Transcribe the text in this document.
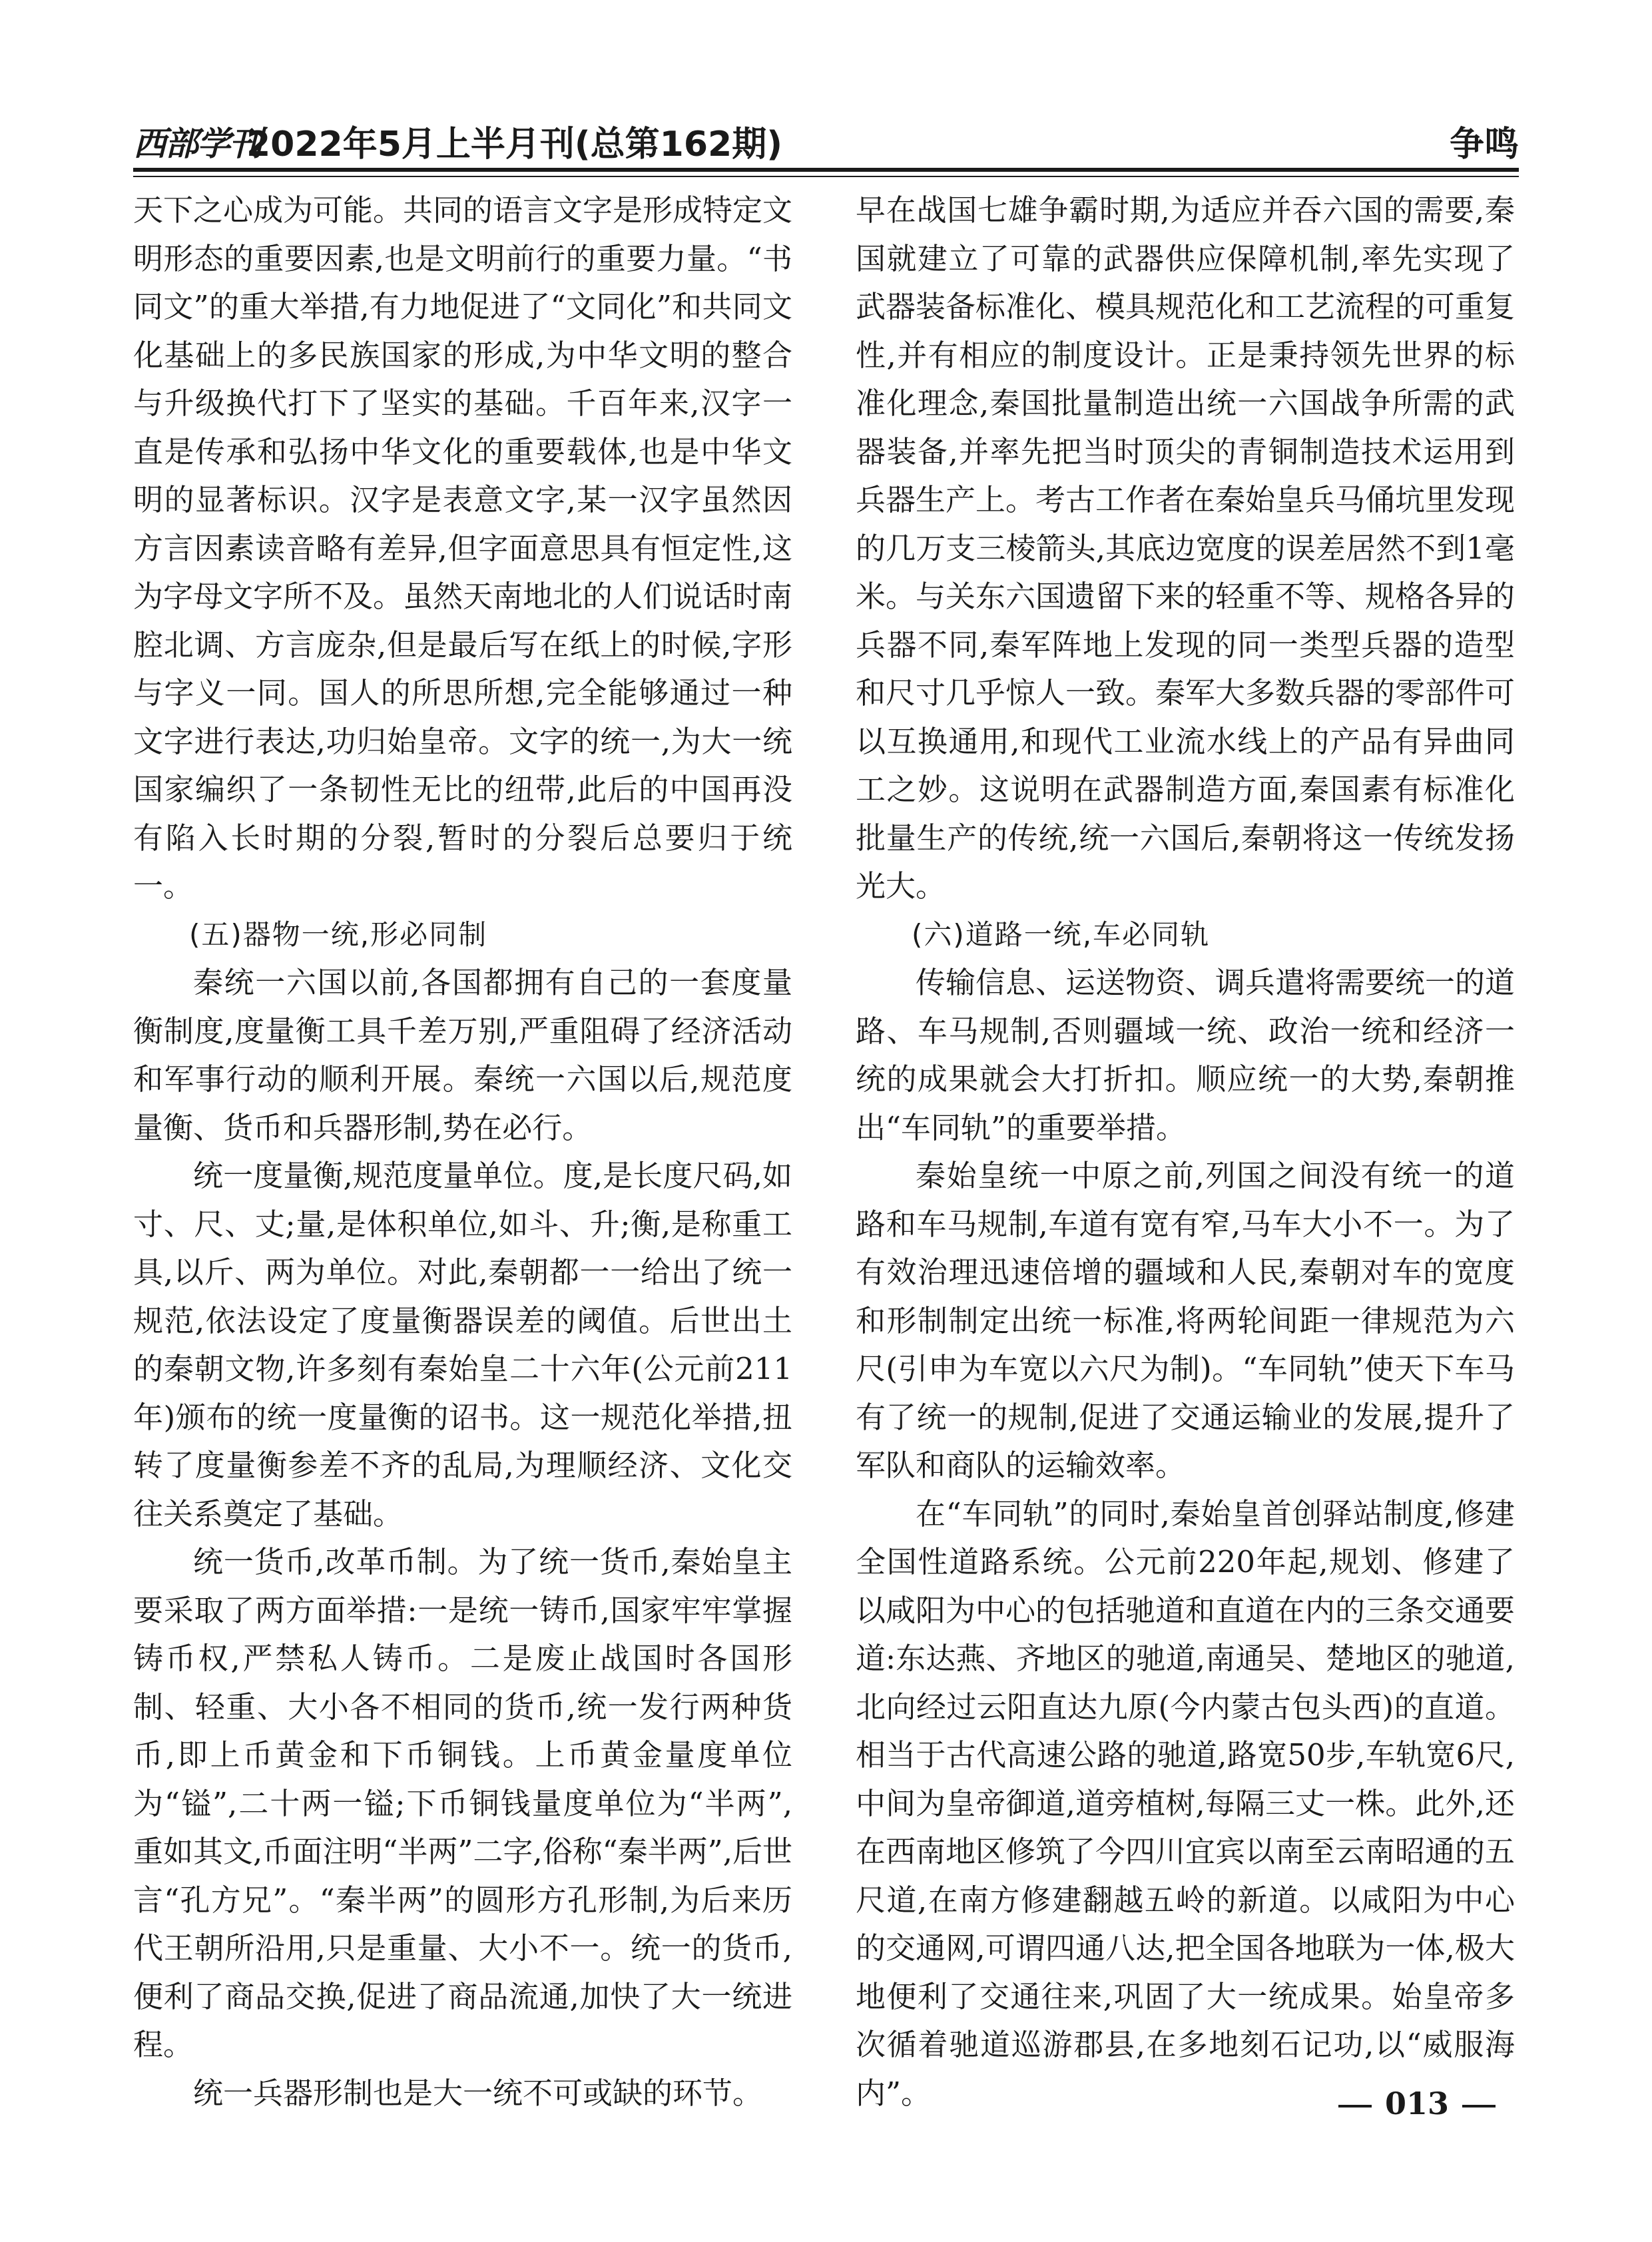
西部学刊
2022年5月上半月刊(总第162期)	争鸣

天下之心成为可能。共同的语言文字是形成特定文明形态的重要因素,也是文明前行的重要力量。“书同文”的重大举措,有力地促进了“文同化”和共同文化基础上的多民族国家的形成,为中华文明的整合与升级换代打下了坚实的基础。千百年来,汉字一直是传承和弘扬中华文化的重要载体,也是中华文明的显著标识。汉字是表意文字,某一汉字虽然因方言因素读音略有差异,但字面意思具有恒定性,这为字母文字所不及。虽然天南地北的人们说话时南腔北调、方言庞杂,但是最后写在纸上的时候,字形与字义一同。国人的所思所想,完全能够通过一种文字进行表达,功归始皇帝。文字的统一,为大一统国家编织了一条韧性无比的纽带,此后的中国再没有陷入长时期的分裂,暂时的分裂后总要归于统一。

(五)器物一统,形必同制

秦统一六国以前,各国都拥有自己的一套度量衡制度,度量衡工具千差万别,严重阻碍了经济活动和军事行动的顺利开展。秦统一六国以后,规范度量衡、货币和兵器形制,势在必行。

统一度量衡,规范度量单位。度,是长度尺码,如寸、尺、丈;量,是体积单位,如斗、升;衡,是称重工具,以斤、两为单位。对此,秦朝都一一给出了统一规范,依法设定了度量衡器误差的阈值。后世出土的秦朝文物,许多刻有秦始皇二十六年(公元前211年)颁布的统一度量衡的诏书。这一规范化举措,扭转了度量衡参差不齐的乱局,为理顺经济、文化交往关系奠定了基础。

统一货币,改革币制。为了统一货币,秦始皇主要采取了两方面举措:一是统一铸币,国家牢牢掌握铸币权,严禁私人铸币。二是废止战国时各国形制、轻重、大小各不相同的货币,统一发行两种货币,即上币黄金和下币铜钱。上币黄金量度单位为“镒”,二十两一镒;下币铜钱量度单位为“半两”,重如其文,币面注明“半两”二字,俗称“秦半两”,后世言“孔方兄”。“秦半两”的圆形方孔形制,为后来历代王朝所沿用,只是重量、大小不一。统一的货币,便利了商品交换,促进了商品流通,加快了大一统进程。

统一兵器形制也是大一统不可或缺的环节。

早在战国七雄争霸时期,为适应并吞六国的需要,秦国就建立了可靠的武器供应保障机制,率先实现了武器装备标准化、模具规范化和工艺流程的可重复性,并有相应的制度设计。正是秉持领先世界的标准化理念,秦国批量制造出统一六国战争所需的武器装备,并率先把当时顶尖的青铜制造技术运用到兵器生产上。考古工作者在秦始皇兵马俑坑里发现的几万支三棱箭头,其底边宽度的误差居然不到1毫米。与关东六国遗留下来的轻重不等、规格各异的兵器不同,秦军阵地上发现的同一类型兵器的造型和尺寸几乎惊人一致。秦军大多数兵器的零部件可以互换通用,和现代工业流水线上的产品有异曲同工之妙。这说明在武器制造方面,秦国素有标准化批量生产的传统,统一六国后,秦朝将这一传统发扬光大。

(六)道路一统,车必同轨

传输信息、运送物资、调兵遣将需要统一的道路、车马规制,否则疆域一统、政治一统和经济一统的成果就会大打折扣。顺应统一的大势,秦朝推出“车同轨”的重要举措。

秦始皇统一中原之前,列国之间没有统一的道路和车马规制,车道有宽有窄,马车大小不一。为了有效治理迅速倍增的疆域和人民,秦朝对车的宽度和形制制定出统一标准,将两轮间距一律规范为六尺(引申为车宽以六尺为制)。“车同轨”使天下车马有了统一的规制,促进了交通运输业的发展,提升了军队和商队的运输效率。

在“车同轨”的同时,秦始皇首创驿站制度,修建全国性道路系统。公元前220年起,规划、修建了以咸阳为中心的包括驰道和直道在内的三条交通要道:东达燕、齐地区的驰道,南通吴、楚地区的驰道,北向经过云阳直达九原(今内蒙古包头西)的直道。相当于古代高速公路的驰道,路宽50步,车轨宽6尺,中间为皇帝御道,道旁植树,每隔三丈一株。此外,还在西南地区修筑了今四川宜宾以南至云南昭通的五尺道,在南方修建翻越五岭的新道。以咸阳为中心的交通网,可谓四通八达,把全国各地联为一体,极大地便利了交通往来,巩固了大一统成果。始皇帝多次循着驰道巡游郡县,在多地刻石记功,以“威服海内”。	013
